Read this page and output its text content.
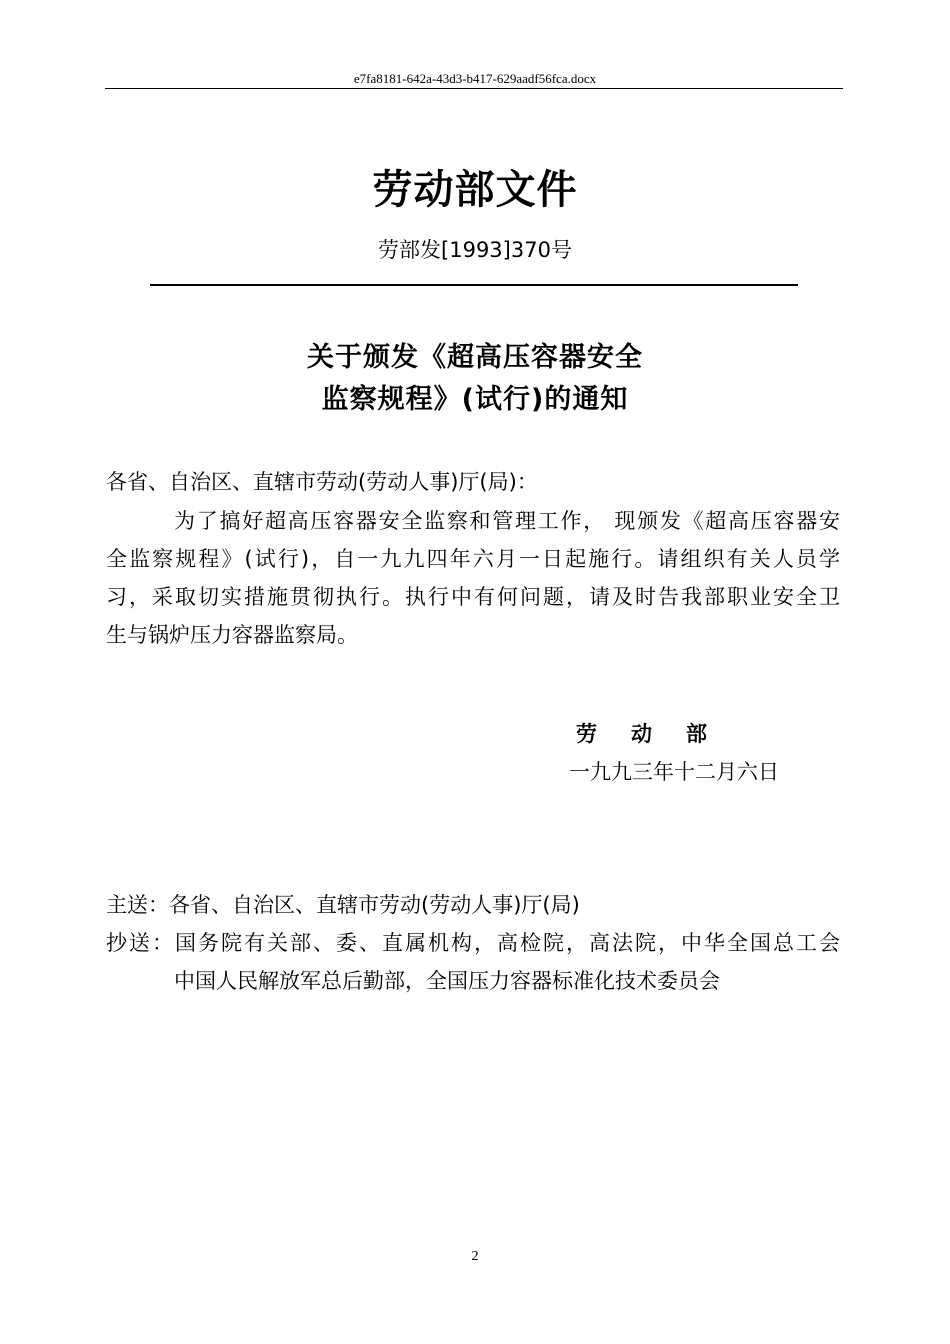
e7fa8181-642a-43d3-b417-629aadf56fca.docx
劳动部文件
劳部发[1993]370号
关于颁发《超高压容器安全
监察规程》(试行)的通知
各省、自治区、直辖市劳动(劳动人事)厅(局)：
为了搞好超高压容器安全监察和管理工作， 现颁发《超高压容器安
全监察规程》(试行)，自一九九四年六月一日起施行。请组织有关人员学
习，采取切实措施贯彻执行。执行中有何问题，请及时告我部职业安全卫
生与锅炉压力容器监察局。
劳动部
一九九三年十二月六日
主送：各省、自治区、直辖市劳动(劳动人事)厅(局)
抄送：国务院有关部、委、直属机构，高检院，高法院，中华全国总工会
中国人民解放军总后勤部，全国压力容器标准化技术委员会
2
